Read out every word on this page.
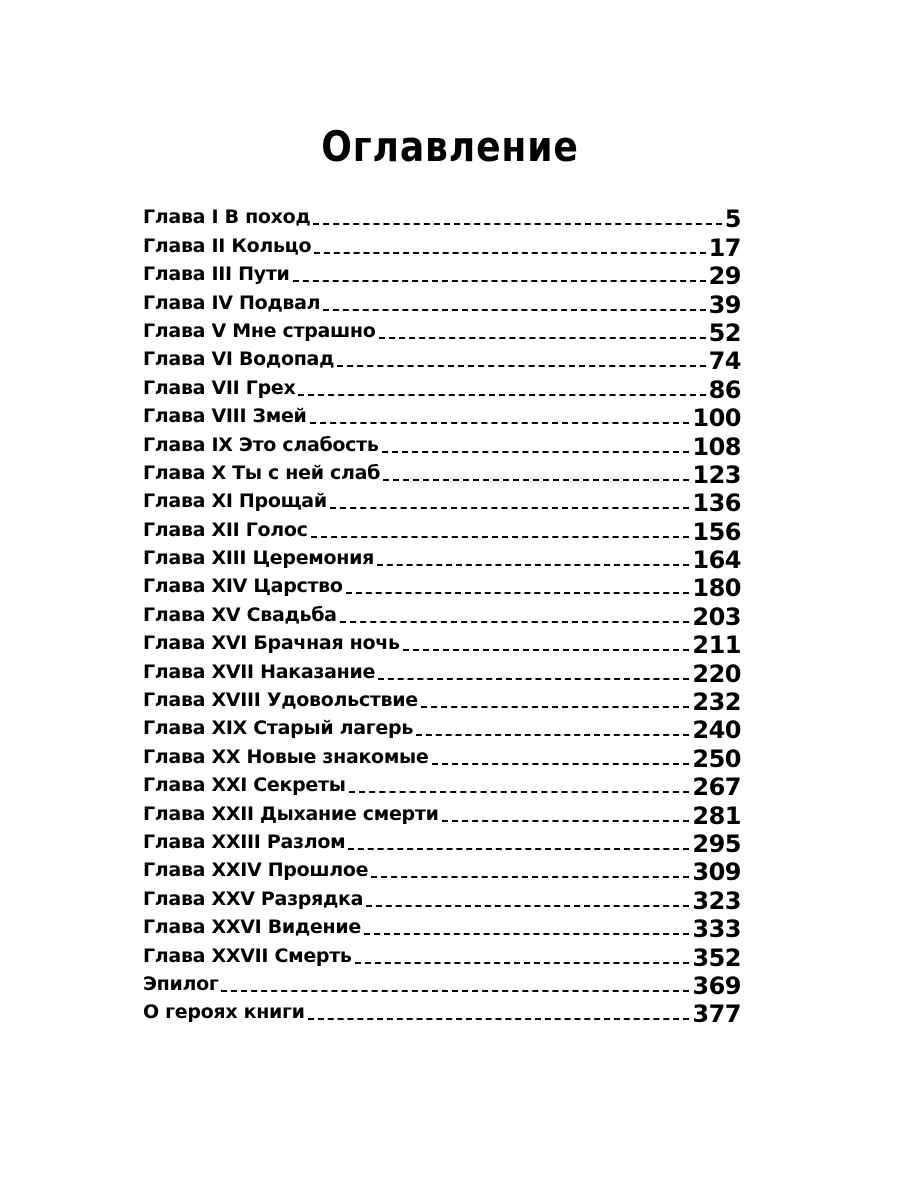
Оглавление
Глава I В поход	5
Глава II Кольцо	17
Глава III Пути	29
Глава IV Подвал	39
Глава V Мне страшно	52
Глава VI Водопад	74
Глава VII Грех	86
Глава VIII Змей	100
Глава IX Это слабость	108
Глава X Ты с ней слаб	123
Глава XI Прощай	136
Глава XII Голос	156
Глава XIII Церемония	164
Глава XIV Царство	180
Глава XV Свадьба	203
Глава XVI Брачная ночь	211
Глава XVII Наказание	220
Глава XVIII Удовольствие	232
Глава XIX Старый лагерь	240
Глава XX Новые знакомые	250
Глава XXI Секреты	267
Глава XXII Дыхание смерти	281
Глава XXIII Разлом	295
Глава XXIV Прошлое	309
Глава XXV Разрядка	323
Глава XXVI Видение	333
Глава XXVII Смерть	352
Эпилог	369
О героях книги	377
